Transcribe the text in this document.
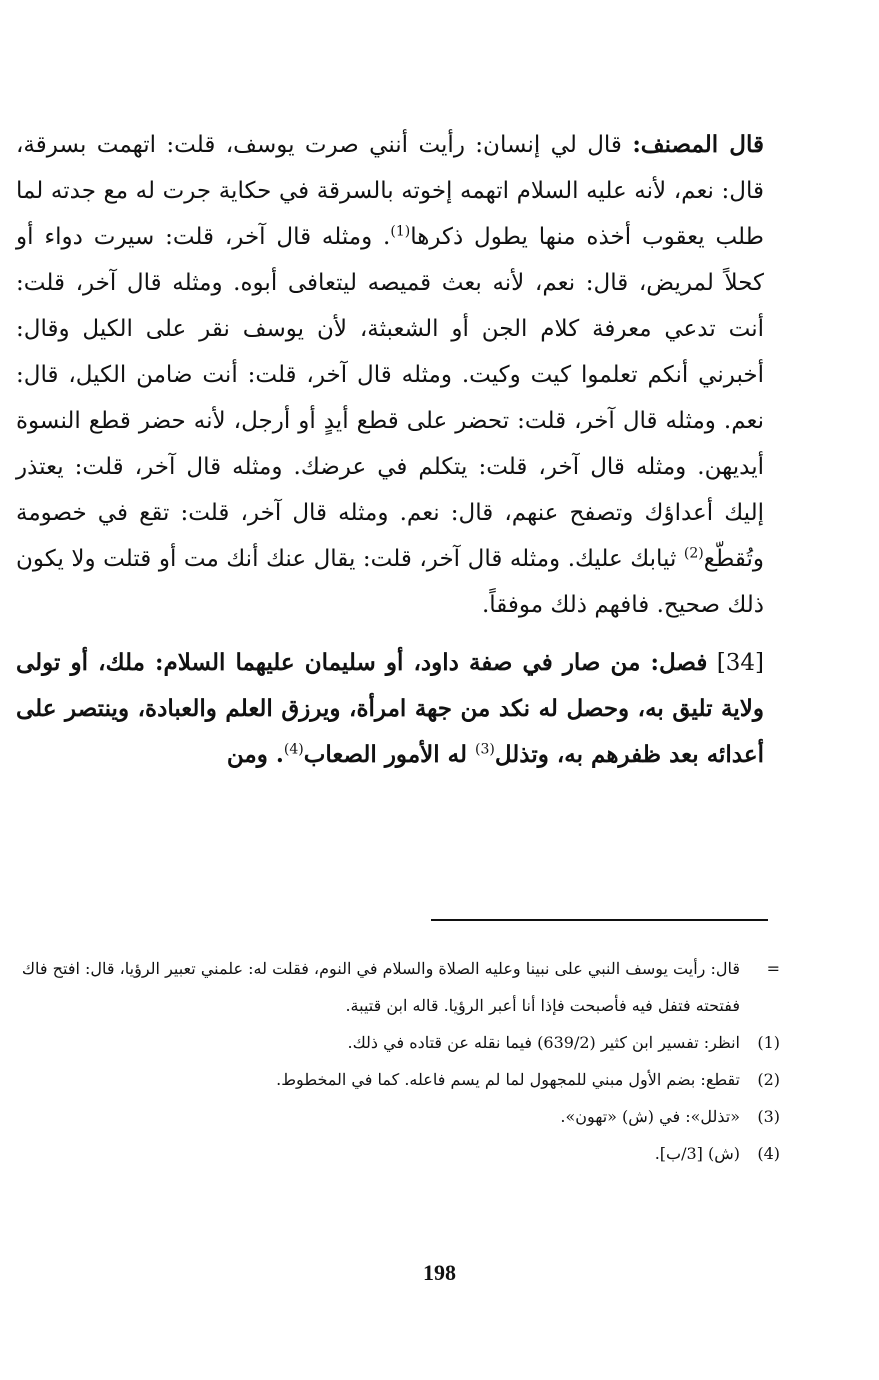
قال المصنف: قال لي إنسان: رأيت أنني صرت يوسف، قلت: اتهمت بسرقة، قال: نعم، لأنه عليه السلام اتهمه إخوته بالسرقة في حكاية جرت له مع جدته لما طلب يعقوب أخذه منها يطول ذكرها$^{(1)}$. ومثله قال آخر، قلت: سيرت دواء أو كحلاً لمريض، قال: نعم، لأنه بعث قميصه ليتعافى أبوه. ومثله قال آخر، قلت: أنت تدعي معرفة كلام الجن أو الشعبثة، لأن يوسف نقر على الكيل وقال: أخبرني أنكم تعلموا كيت وكيت. ومثله قال آخر، قلت: أنت ضامن الكيل، قال: نعم. ومثله قال آخر، قلت: تحضر على قطع أيدٍ أو أرجل، لأنه حضر قطع النسوة أيديهن. ومثله قال آخر، قلت: يتكلم في عرضك. ومثله قال آخر، قلت: يعتذر إليك أعداؤك وتصفح عنهم، قال: نعم. ومثله قال آخر، قلت: تقع في خصومة وتُقطّع$^{(2)}$ ثيابك عليك. ومثله قال آخر، قلت: يقال عنك أنك مت أو قتلت ولا يكون ذلك صحيح. فافهم ذلك موفقاً.

[34] فصل: من صار في صفة داود، أو سليمان عليهما السلام: ملك، أو تولى ولاية تليق به، وحصل له نكد من جهة امرأة، ويرزق العلم والعبادة، وينتصر على أعدائه بعد ظفرهم به، وتذلل$^{(3)}$ له الأمور الصعاب$^{(4)}$. ومن

=
قال: رأيت يوسف النبي على نبينا وعليه الصلاة والسلام في النوم، فقلت له: علمني تعبير الرؤيا، قال: افتح فاك ففتحته فتفل فيه فأصبحت فإذا أنا أعبر الرؤيا. قاله ابن قتيبة.
(1)
انظر: تفسير ابن كثير (639/2) فيما نقله عن قتاده في ذلك.
(2)
تقطع: بضم الأول مبني للمجهول لما لم يسم فاعله. كما في المخطوط.
(3)
«تذلل»: في (ش) «تهون».
(4)
(ش) [3/ب].
198
